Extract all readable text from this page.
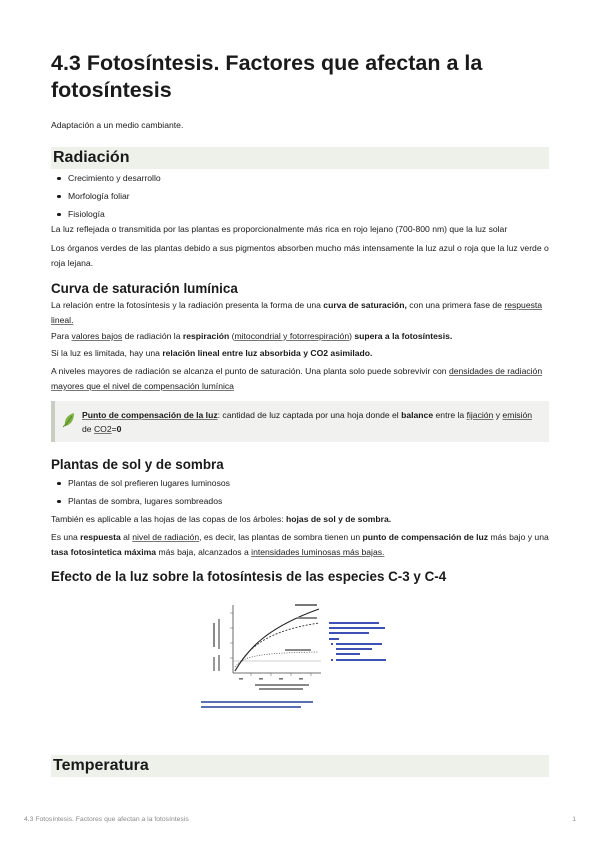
4.3 Fotosíntesis. Factores que afectan a la fotosíntesis
Adaptación a un medio cambiante.
Radiación
Crecimiento y desarrollo
Morfología foliar
Fisiología
La luz reflejada o transmitida por las plantas es proporcionalmente más rica en rojo lejano (700-800 nm) que la luz solar
Los órganos verdes de las plantas debido a sus pigmentos absorben mucho más intensamente la luz azul o roja que la luz verde o roja lejana.
Curva de saturación lumínica
La relación entre la fotosíntesis y la radiación presenta la forma de una curva de saturación, con una primera fase de respuesta lineal.
Para valores bajos de radiación la respiración (mitocondrial y fotorrespiración) supera a la fotosíntesis.
Si la luz es limitada, hay una relación lineal entre luz absorbida y CO2 asimilado.
A niveles mayores de radiación se alcanza el punto de saturación. Una planta solo puede sobrevivir con densidades de radiación mayores que el nivel de compensación lumínica
Punto de compensación de la luz: cantidad de luz captada por una hoja donde el balance entre la fijación y emisión de CO2=0
Plantas de sol y de sombra
Plantas de sol prefieren lugares luminosos
Plantas de sombra, lugares sombreados
También es aplicable a las hojas de las copas de los árboles: hojas de sol y de sombra.
Es una respuesta al nivel de radiación, es decir, las plantas de sombra tienen un punto de compensación de luz más bajo y una tasa fotosintetica máxima más baja, alcanzados a intensidades luminosas más bajas.
Efecto de la luz sobre la fotosíntesis de las especies C-3 y C-4
Temperatura
4.3 Fotosíntesis. Factores que afectan a la fotosíntesis	1
